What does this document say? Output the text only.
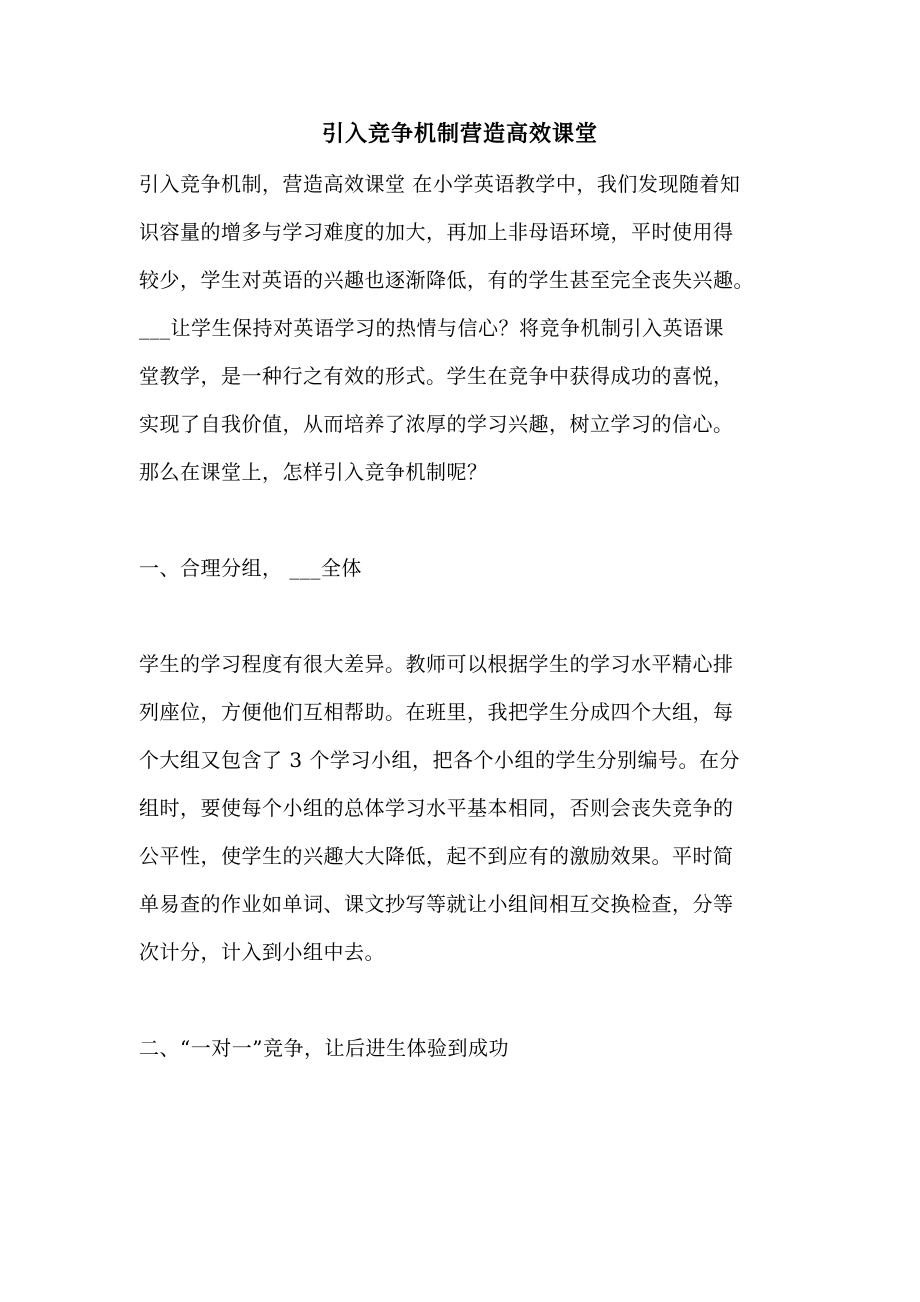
引入竞争机制营造高效课堂
引入竞争机制，营造高效课堂 在小学英语教学中，我们发现随着知
识容量的增多与学习难度的加大，再加上非母语环境，平时使用得
较少，学生对英语的兴趣也逐渐降低，有的学生甚至完全丧失兴趣。
___让学生保持对英语学习的热情与信心？将竞争机制引入英语课
堂教学，是一种行之有效的形式。学生在竞争中获得成功的喜悦，
实现了自我价值，从而培养了浓厚的学习兴趣，树立学习的信心。
那么在课堂上，怎样引入竞争机制呢？
一、合理分组， ___全体
学生的学习程度有很大差异。教师可以根据学生的学习水平精心排
列座位，方便他们互相帮助。在班里，我把学生分成四个大组，每
个大组又包含了 3 个学习小组，把各个小组的学生分别编号。在分
组时，要使每个小组的总体学习水平基本相同，否则会丧失竞争的
公平性，使学生的兴趣大大降低，起不到应有的激励效果。平时简
单易查的作业如单词、课文抄写等就让小组间相互交换检查，分等
次计分，计入到小组中去。
二、“一对一”竞争，让后进生体验到成功
